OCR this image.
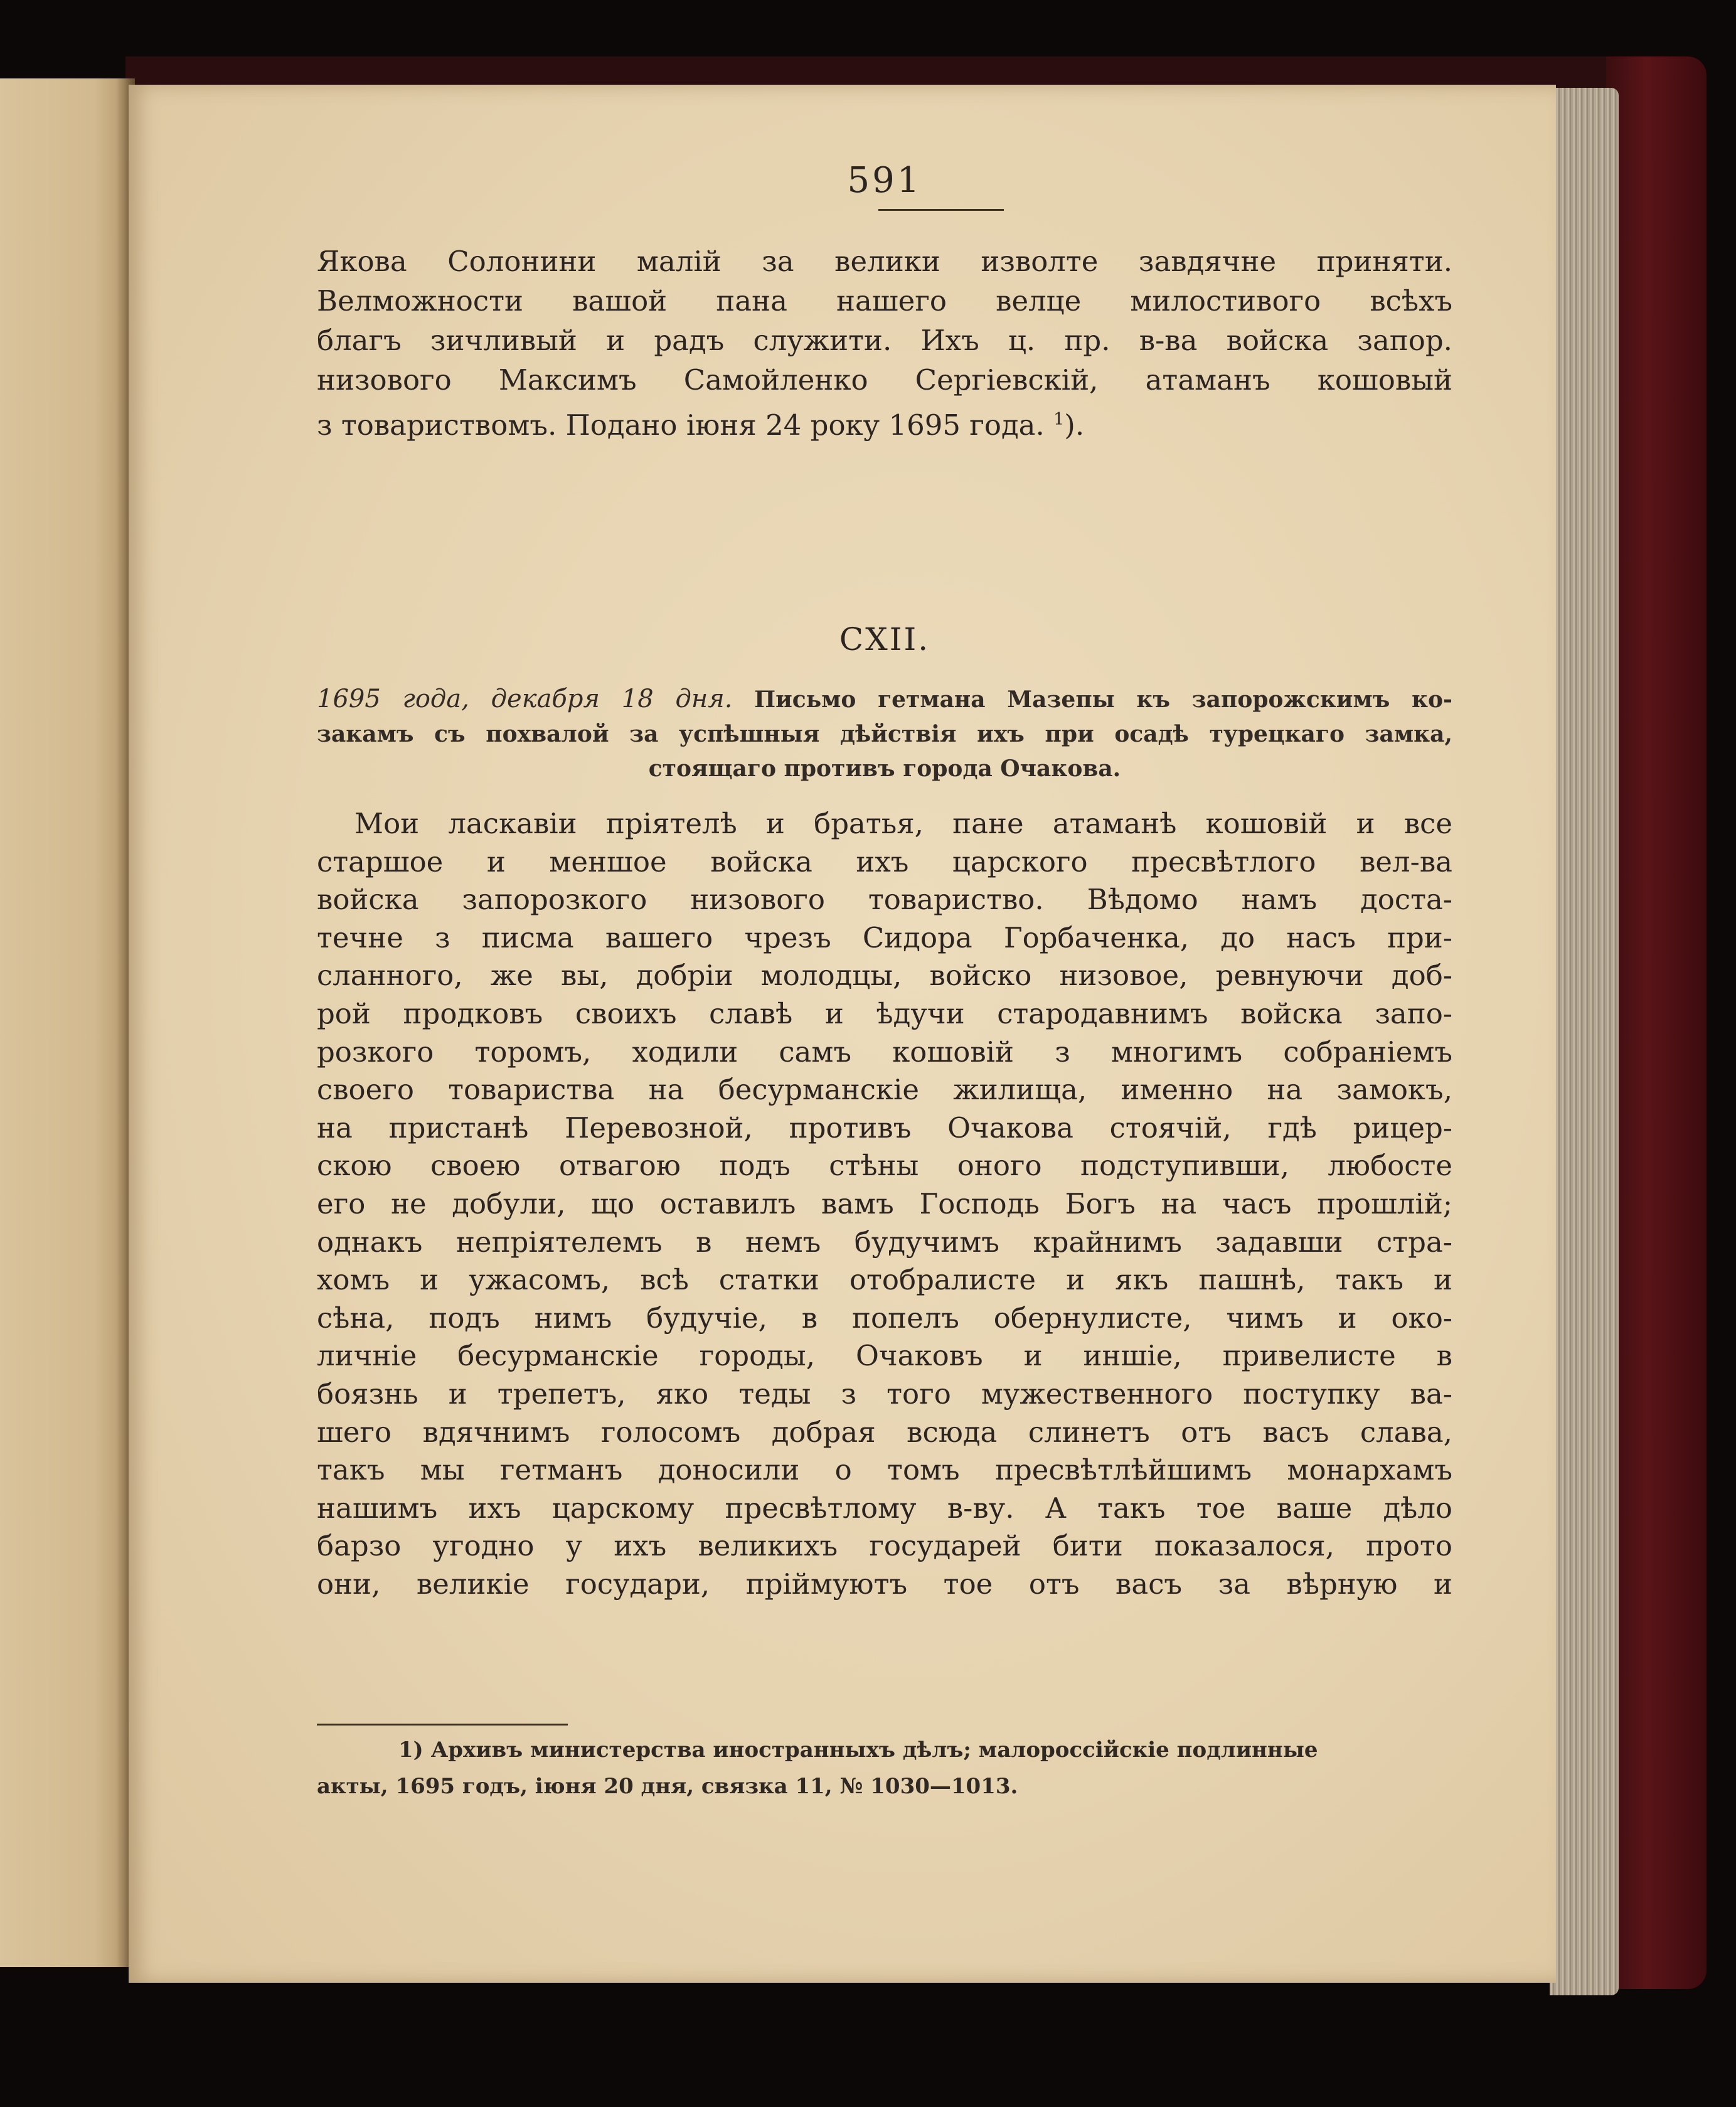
591
Якова Солонини малій за велики изволте завдячне приняти.
Велможности вашой пана нашего велце милостивого всѣхъ
благъ зичливый и радъ служити. Ихъ ц. пр. в-ва войска запор.
низового Максимъ Самойленко Сергіевскій, атаманъ кошовый
з товариствомъ. Подано іюня 24 року 1695 года. $^1$).
CXII.
1695 года, декабря 18 дня. Письмо гетмана Мазепы къ запорожскимъ ко-
закамъ съ похвалой за успѣшныя дѣйствія ихъ при осадѣ турецкаго замка,
стоящаго противъ города Очакова.
Мои ласкавіи пріятелѣ и братья, пане атаманѣ кошовій и все
старшое и меншое войска ихъ царского пресвѣтлого вел-ва
войска запорозкого низового товариство. Вѣдомо намъ доста-
течне з писма вашего чрезъ Сидора Горбаченка, до насъ при-
сланного, же вы, добріи молодцы, войско низовое, ревнуючи доб-
рой продковъ своихъ славѣ и ѣдучи стародавнимъ войска запо-
розкого торомъ, ходили самъ кошовій з многимъ собраніемъ
своего товариства на бесурманскіе жилища, именно на замокъ,
на пристанѣ Перевозной, противъ Очакова стоячій, гдѣ рицер-
скою своею отвагою подъ стѣны оного подступивши, любосте
его не добули, що оставилъ вамъ Господь Богъ на часъ прошлій;
однакъ непріятелемъ в немъ будучимъ крайнимъ задавши стра-
хомъ и ужасомъ, всѣ статки отобралисте и якъ пашнѣ, такъ и
сѣна, подъ нимъ будучіе, в попелъ обернулисте, чимъ и око-
личніе бесурманскіе городы, Очаковъ и иншіе, привелисте в
боязнь и трепетъ, яко теды з того мужественного поступку ва-
шего вдячнимъ голосомъ добрая всюда слинетъ отъ васъ слава,
такъ мы гетманъ доносили о томъ пресвѣтлѣйшимъ монархамъ
нашимъ ихъ царскому пресвѣтлому в-ву. А такъ тое ваше дѣло
барзо угодно у ихъ великихъ государей бити показалося, прото
они, великіе государи, пріймуютъ тое отъ васъ за вѣрную и
1) Архивъ министерства иностранныхъ дѣлъ; малороссійскіе подлинные
акты, 1695 годъ, іюня 20 дня, связка 11, № 1030—1013.
